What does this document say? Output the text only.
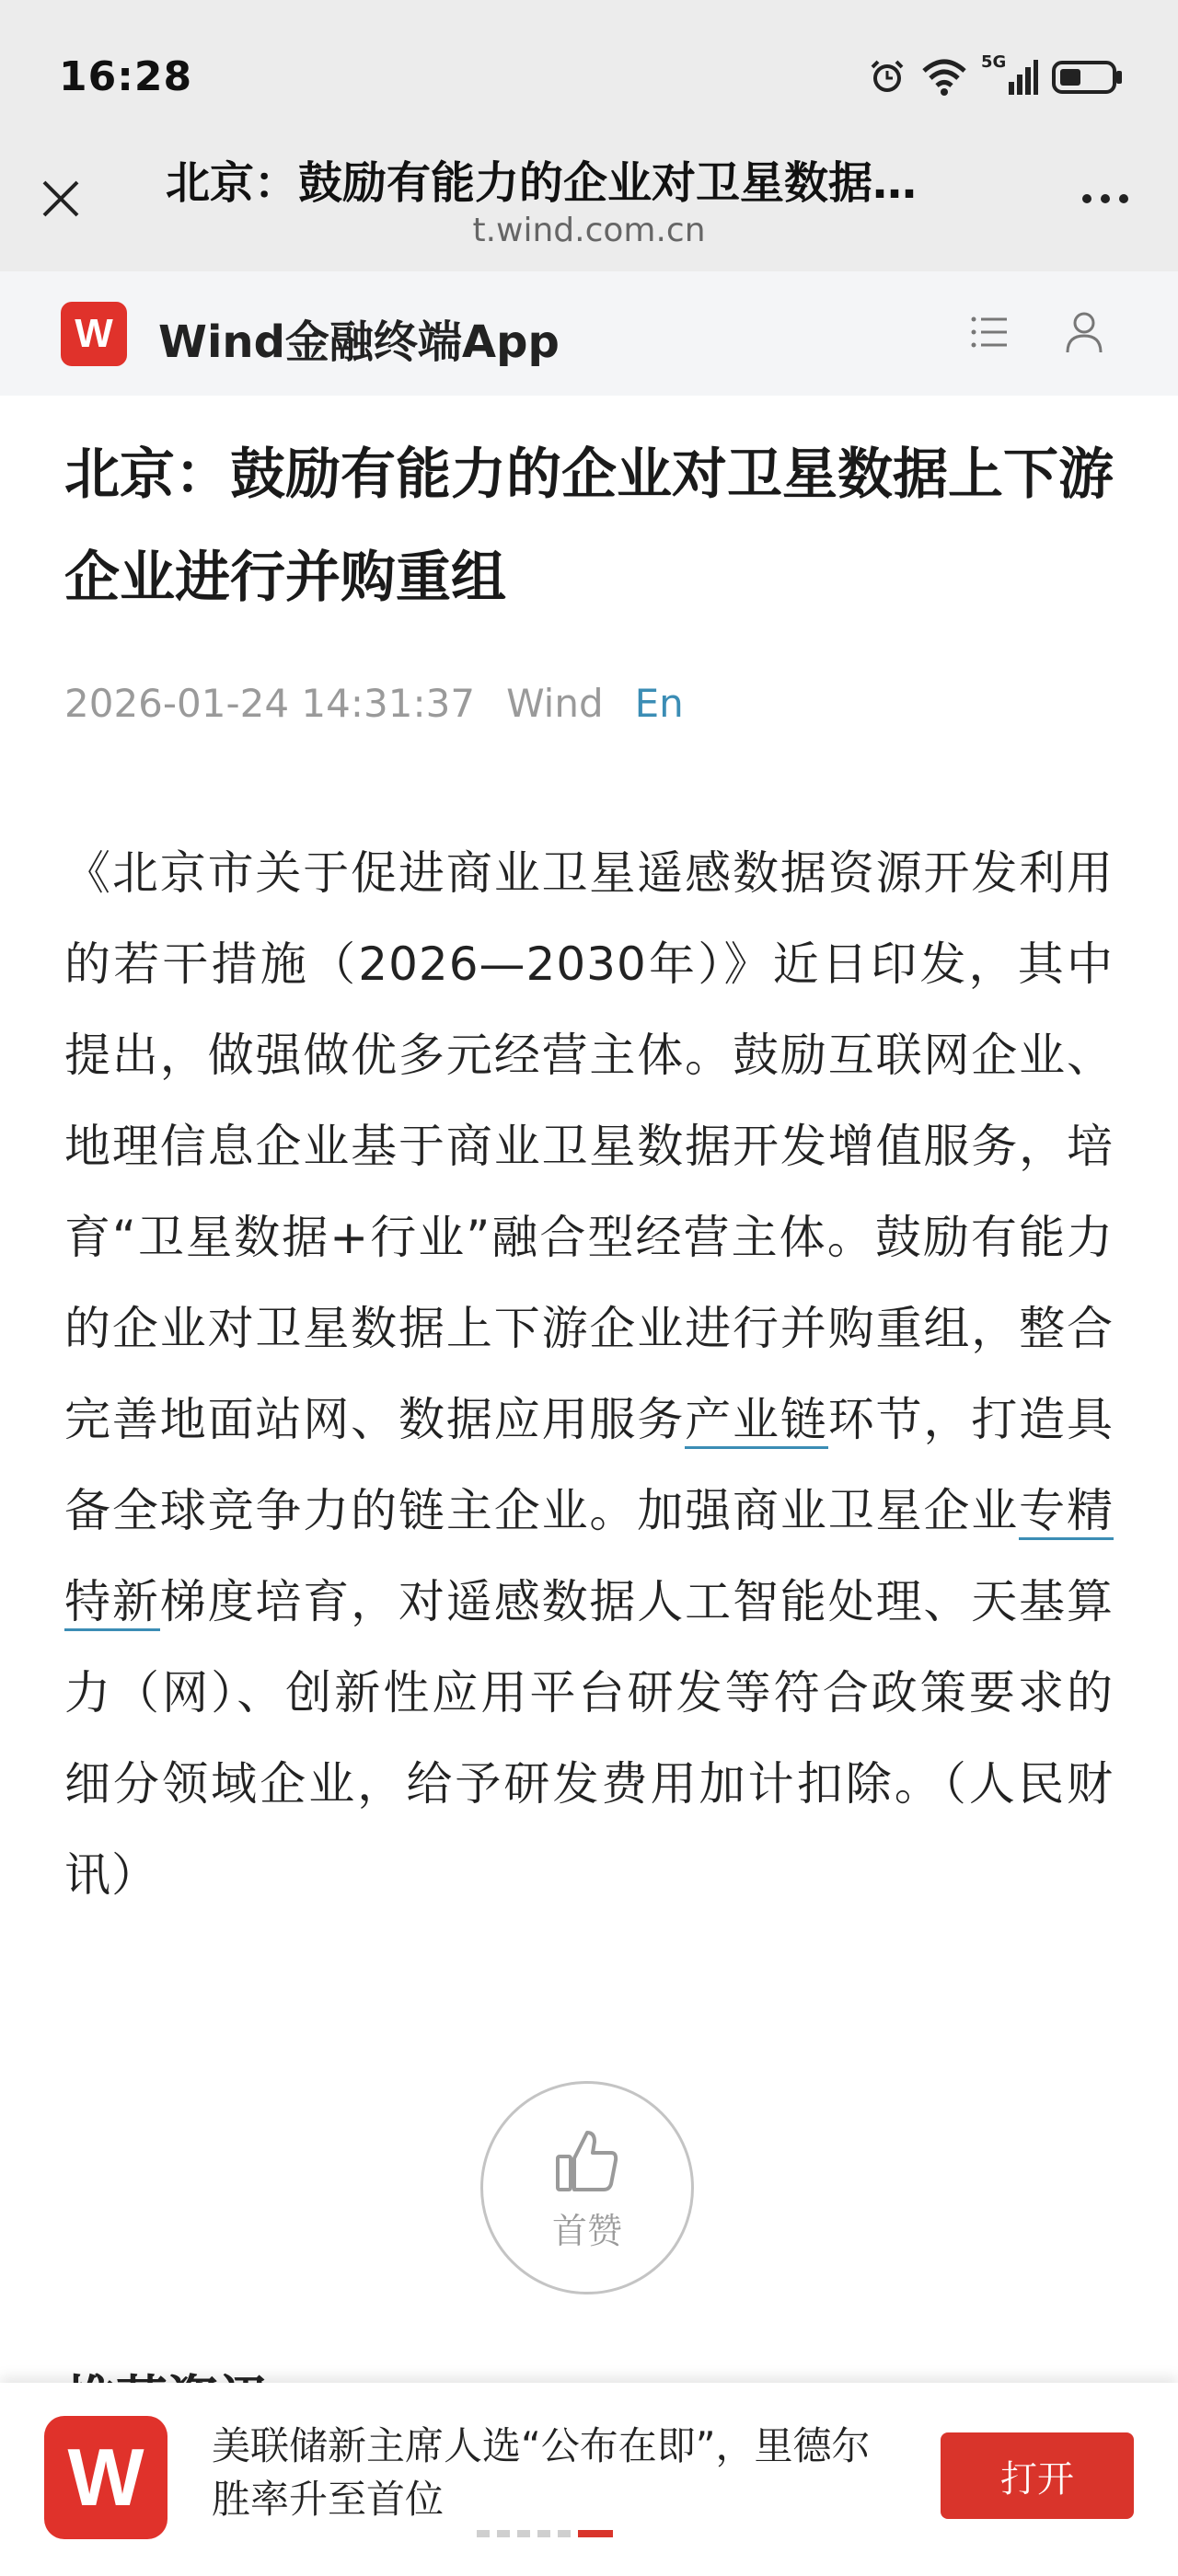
16:28	5G
北京：鼓励有能力的企业对卫星数据…
t.wind.com.cn
W	Wind金融终端App
北京：鼓励有能力的企业对卫星数据上下游企业进行并购重组
2026-01-24 14:31:37 Wind En
《北京市关于促进商业卫星遥感数据资源开发利用的若干措施（2026—2030年）》近日印发，其中提出，做强做优多元经营主体。鼓励互联网企业、地理信息企业基于商业卫星数据开发增值服务，培育“卫星数据+行业”融合型经营主体。鼓励有能力的企业对卫星数据上下游企业进行并购重组，整合完善地面站网、数据应用服务产业链环节，打造具备全球竞争力的链主企业。加强商业卫星企业专精特新梯度培育，对遥感数据人工智能处理、天基算力（网）、创新性应用平台研发等符合政策要求的细分领域企业，给予研发费用加计扣除。（人民财讯）
首赞
W	美联储新主席人选“公布在即”，里德尔胜率升至首位	打开
